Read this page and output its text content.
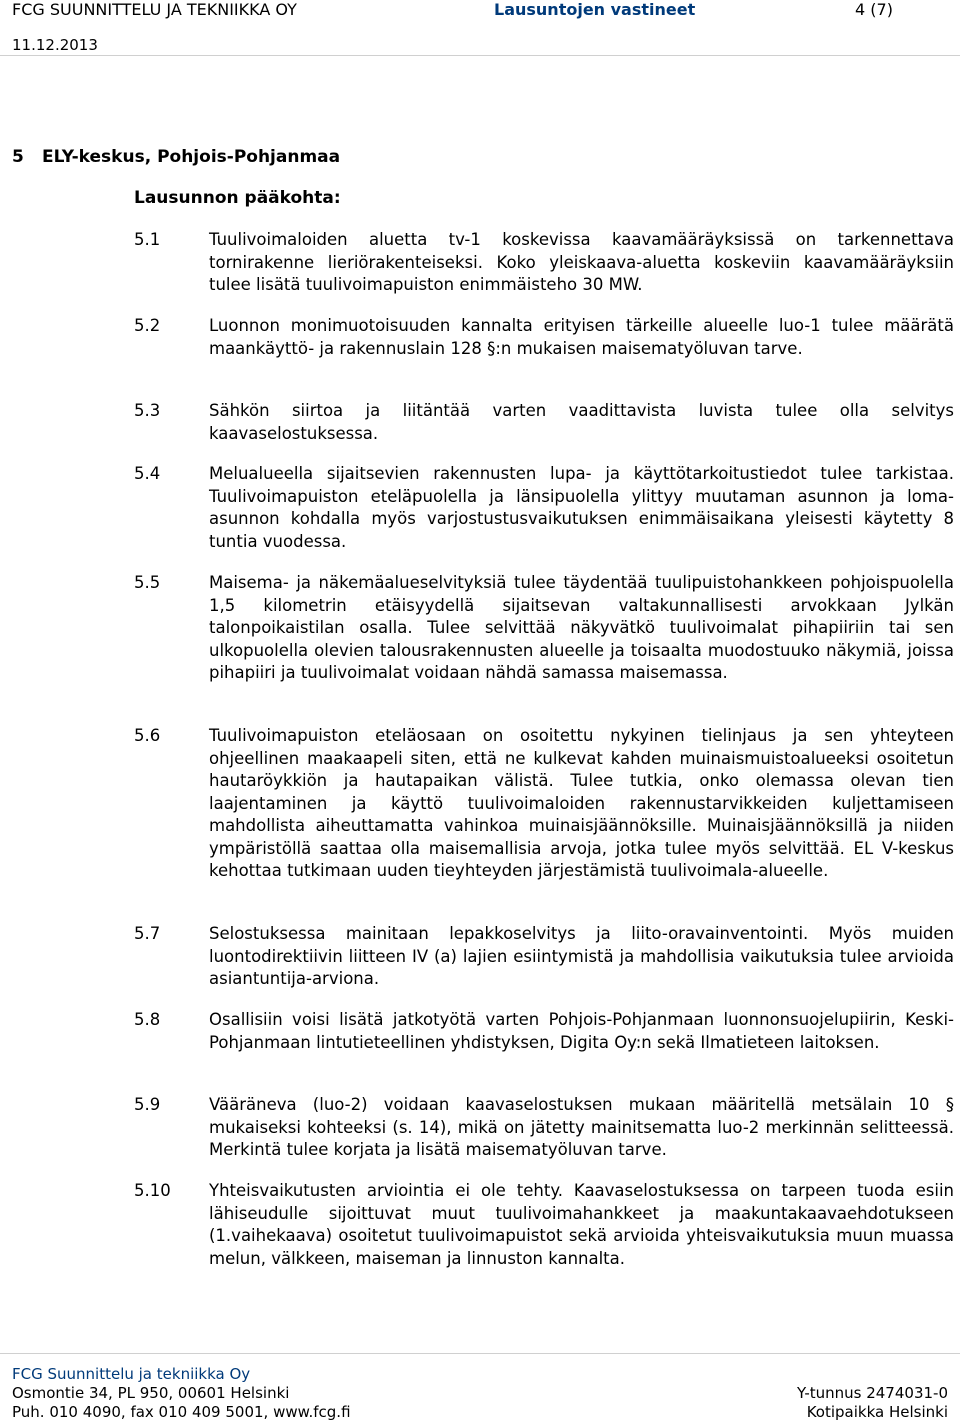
FCG SUUNNITTELU JA TEKNIIKKA OY	Lausuntojen vastineet	4 (7)
11.12.2013
5 ELY-keskus, Pohjois-Pohjanmaa
Lausunnon pääkohta:
5.1	Tuulivoimaloiden aluetta tv-1 koskevissa kaavamääräyksissä on tarkennettava tornirakenne lieriörakenteiseksi. Koko yleiskaava-aluetta koskeviin kaavamääräyksiin tulee lisätä tuulivoimapuiston enimmäisteho 30 MW.
5.2	Luonnon monimuotoisuuden kannalta erityisen tärkeille alueelle luo-1 tulee määrätä maankäyttö- ja rakennuslain 128 §:n mukaisen maisematyöluvan tarve.
5.3	Sähkön siirtoa ja liitäntää varten vaadittavista luvista tulee olla selvitys kaavaselostuksessa.
5.4	Melualueella sijaitsevien rakennusten lupa- ja käyttötarkoitustiedot tulee tarkistaa. Tuulivoimapuiston eteläpuolella ja länsipuolella ylittyy muutaman asunnon ja loma-asunnon kohdalla myös varjostustusvaikutuksen enimmäisaikana yleisesti käytetty 8 tuntia vuodessa.
5.5	Maisema- ja näkemäalueselvityksiä tulee täydentää tuulipuistohankkeen pohjoispuolella 1,5 kilometrin etäisyydellä sijaitsevan valtakunnallisesti arvokkaan Jylkän talonpoikaistilan osalla. Tulee selvittää näkyvätkö tuulivoimalat pihapiiriin tai sen ulkopuolella olevien talousrakennusten alueelle ja toisaalta muodostuuko näkymiä, joissa pihapiiri ja tuulivoimalat voidaan nähdä samassa maisemassa.
5.6	Tuulivoimapuiston eteläosaan on osoitettu nykyinen tielinjaus ja sen yhteyteen ohjeellinen maakaapeli siten, että ne kulkevat kahden muinaismuistoalueeksi osoitetun hautaröykkiön ja hautapaikan välistä. Tulee tutkia, onko olemassa olevan tien laajentaminen ja käyttö tuulivoimaloiden rakennustarvikkeiden kuljettamiseen mahdollista aiheuttamatta vahinkoa muinaisjäännöksille. Muinaisjäännöksillä ja niiden ympäristöllä saattaa olla maisemallisia arvoja, jotka tulee myös selvittää. EL V-keskus kehottaa tutkimaan uuden tieyhteyden järjestämistä tuulivoimala-alueelle.
5.7	Selostuksessa mainitaan lepakkoselvitys ja liito-oravainventointi. Myös muiden luontodirektiivin liitteen IV (a) lajien esiintymistä ja mahdollisia vaikutuksia tulee arvioida asiantuntija-arviona.
5.8	Osallisiin voisi lisätä jatkotyötä varten Pohjois-Pohjanmaan luonnonsuojelupiirin, Keski-Pohjanmaan lintutieteellinen yhdistyksen, Digita Oy:n sekä Ilmatieteen laitoksen.
5.9	Vääräneva (luo-2) voidaan kaavaselostuksen mukaan määritellä metsälain 10 § mukaiseksi kohteeksi (s. 14), mikä on jätetty mainitsematta luo-2 merkinnän selitteessä. Merkintä tulee korjata ja lisätä maisematyöluvan tarve.
5.10 Yhteisvaikutusten arviointia ei ole tehty. Kaavaselostuksessa on tarpeen tuoda esiin lähiseudulle sijoittuvat muut tuulivoimahankkeet ja maakuntakaavaehdotukseen (1.vaihekaava) osoitetut tuulivoimapuistot sekä arvioida yhteisvaikutuksia muun muassa melun, välkkeen, maiseman ja linnuston kannalta.
FCG Suunnittelu ja tekniikka Oy
Osmontie 34, PL 950, 00601 Helsinki
Puh. 010 4090, fax 010 409 5001, www.fcg.fi
Y-tunnus 2474031-0
Kotipaikka Helsinki
